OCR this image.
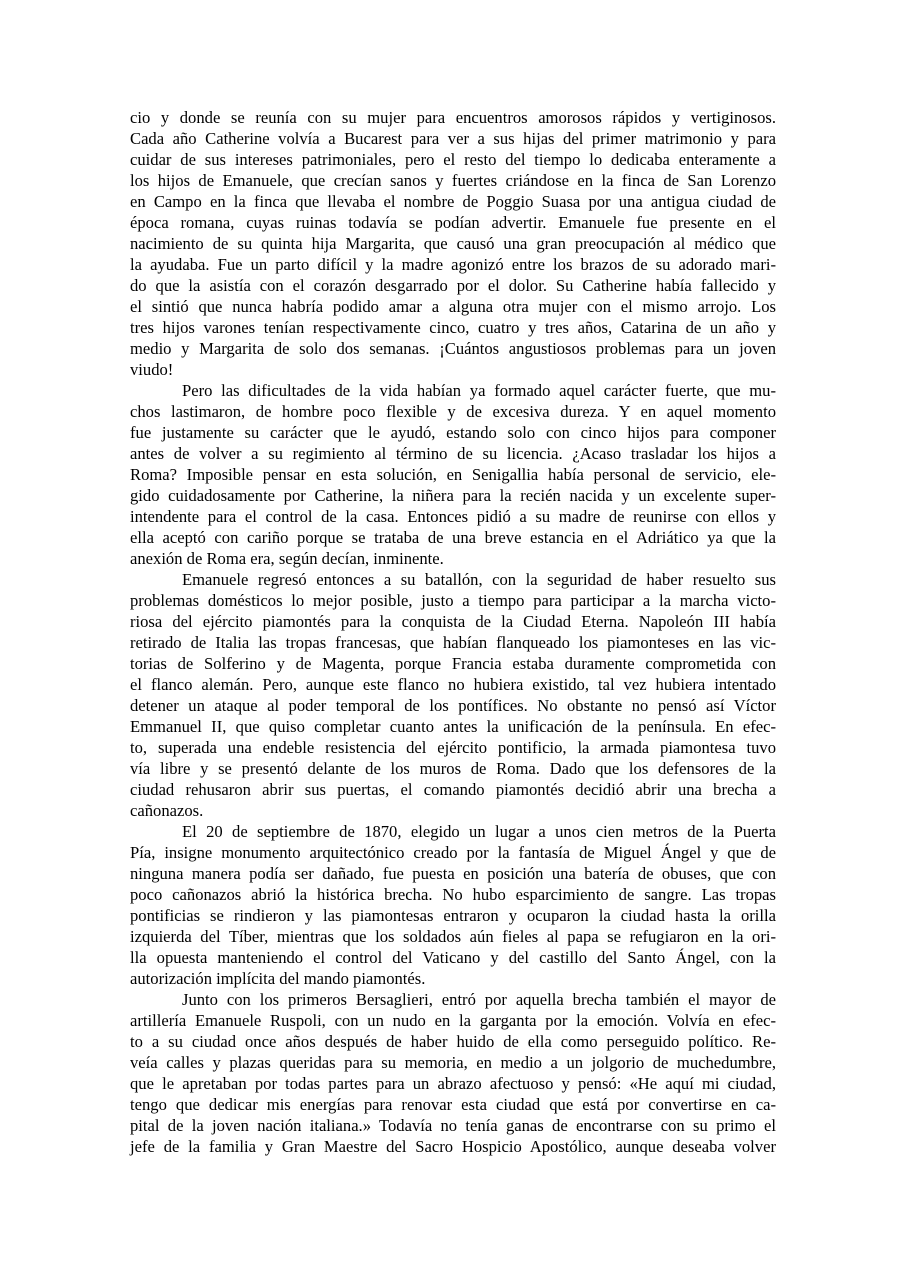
cio y donde se reunía con su mujer para encuentros amorosos rápidos y vertiginosos.
Cada año Catherine volvía a Bucarest para ver a sus hijas del primer matrimonio y para
cuidar de sus intereses patrimoniales, pero el resto del tiempo lo dedicaba enteramente a
los hijos de Emanuele, que crecían sanos y fuertes criándose en la finca de San Lorenzo
en Campo en la finca que llevaba el nombre de Poggio Suasa por una antigua ciudad de
época romana, cuyas ruinas todavía se podían advertir. Emanuele fue presente en el
nacimiento de su quinta hija Margarita, que causó una gran preocupación al médico que
la ayudaba. Fue un parto difícil y la madre agonizó entre los brazos de su adorado mari-
do que la asistía con el corazón desgarrado por el dolor. Su Catherine había fallecido y
el sintió que nunca habría podido amar a alguna otra mujer con el mismo arrojo. Los
tres hijos varones tenían respectivamente cinco, cuatro y tres años, Catarina de un año y
medio y Margarita de solo dos semanas. ¡Cuántos angustiosos problemas para un joven
viudo!
Pero las dificultades de la vida habían ya formado aquel carácter fuerte, que mu-
chos lastimaron, de hombre poco flexible y de excesiva dureza. Y en aquel momento
fue justamente su carácter que le ayudó, estando solo con cinco hijos para componer
antes de volver a su regimiento al término de su licencia. ¿Acaso trasladar los hijos a
Roma? Imposible pensar en esta solución, en Senigallia había personal de servicio, ele-
gido cuidadosamente por Catherine, la niñera para la recién nacida y un excelente super-
intendente para el control de la casa. Entonces pidió a su madre de reunirse con ellos y
ella aceptó con cariño porque se trataba de una breve estancia en el Adriático ya que la
anexión de Roma era, según decían, inminente.
Emanuele regresó entonces a su batallón, con la seguridad de haber resuelto sus
problemas domésticos lo mejor posible, justo a tiempo para participar a la marcha victo-
riosa del ejército piamontés para la conquista de la Ciudad Eterna. Napoleón III había
retirado de Italia las tropas francesas, que habían flanqueado los piamonteses en las vic-
torias de Solferino y de Magenta, porque Francia estaba duramente comprometida con
el flanco alemán. Pero, aunque este flanco no hubiera existido, tal vez hubiera intentado
detener un ataque al poder temporal de los pontífices. No obstante no pensó así Víctor
Emmanuel II, que quiso completar cuanto antes la unificación de la península. En efec-
to, superada una endeble resistencia del ejército pontificio, la armada piamontesa tuvo
vía libre y se presentó delante de los muros de Roma. Dado que los defensores de la
ciudad rehusaron abrir sus puertas, el comando piamontés decidió abrir una brecha a
cañonazos.
El 20 de septiembre de 1870, elegido un lugar a unos cien metros de la Puerta
Pía, insigne monumento arquitectónico creado por la fantasía de Miguel Ángel y que de
ninguna manera podía ser dañado, fue puesta en posición una batería de obuses, que con
poco cañonazos abrió la histórica brecha. No hubo esparcimiento de sangre. Las tropas
pontificias se rindieron y las piamontesas entraron y ocuparon la ciudad hasta la orilla
izquierda del Tíber, mientras que los soldados aún fieles al papa se refugiaron en la ori-
lla opuesta manteniendo el control del Vaticano y del castillo del Santo Ángel, con la
autorización implícita del mando piamontés.
Junto con los primeros Bersaglieri, entró por aquella brecha también el mayor de
artillería Emanuele Ruspoli, con un nudo en la garganta por la emoción. Volvía en efec-
to a su ciudad once años después de haber huido de ella como perseguido político. Re-
veía calles y plazas queridas para su memoria, en medio a un jolgorio de muchedumbre,
que le apretaban por todas partes para un abrazo afectuoso y pensó: «He aquí mi ciudad,
tengo que dedicar mis energías para renovar esta ciudad que está por convertirse en ca-
pital de la joven nación italiana.» Todavía no tenía ganas de encontrarse con su primo el
jefe de la familia y Gran Maestre del Sacro Hospicio Apostólico, aunque deseaba volver
